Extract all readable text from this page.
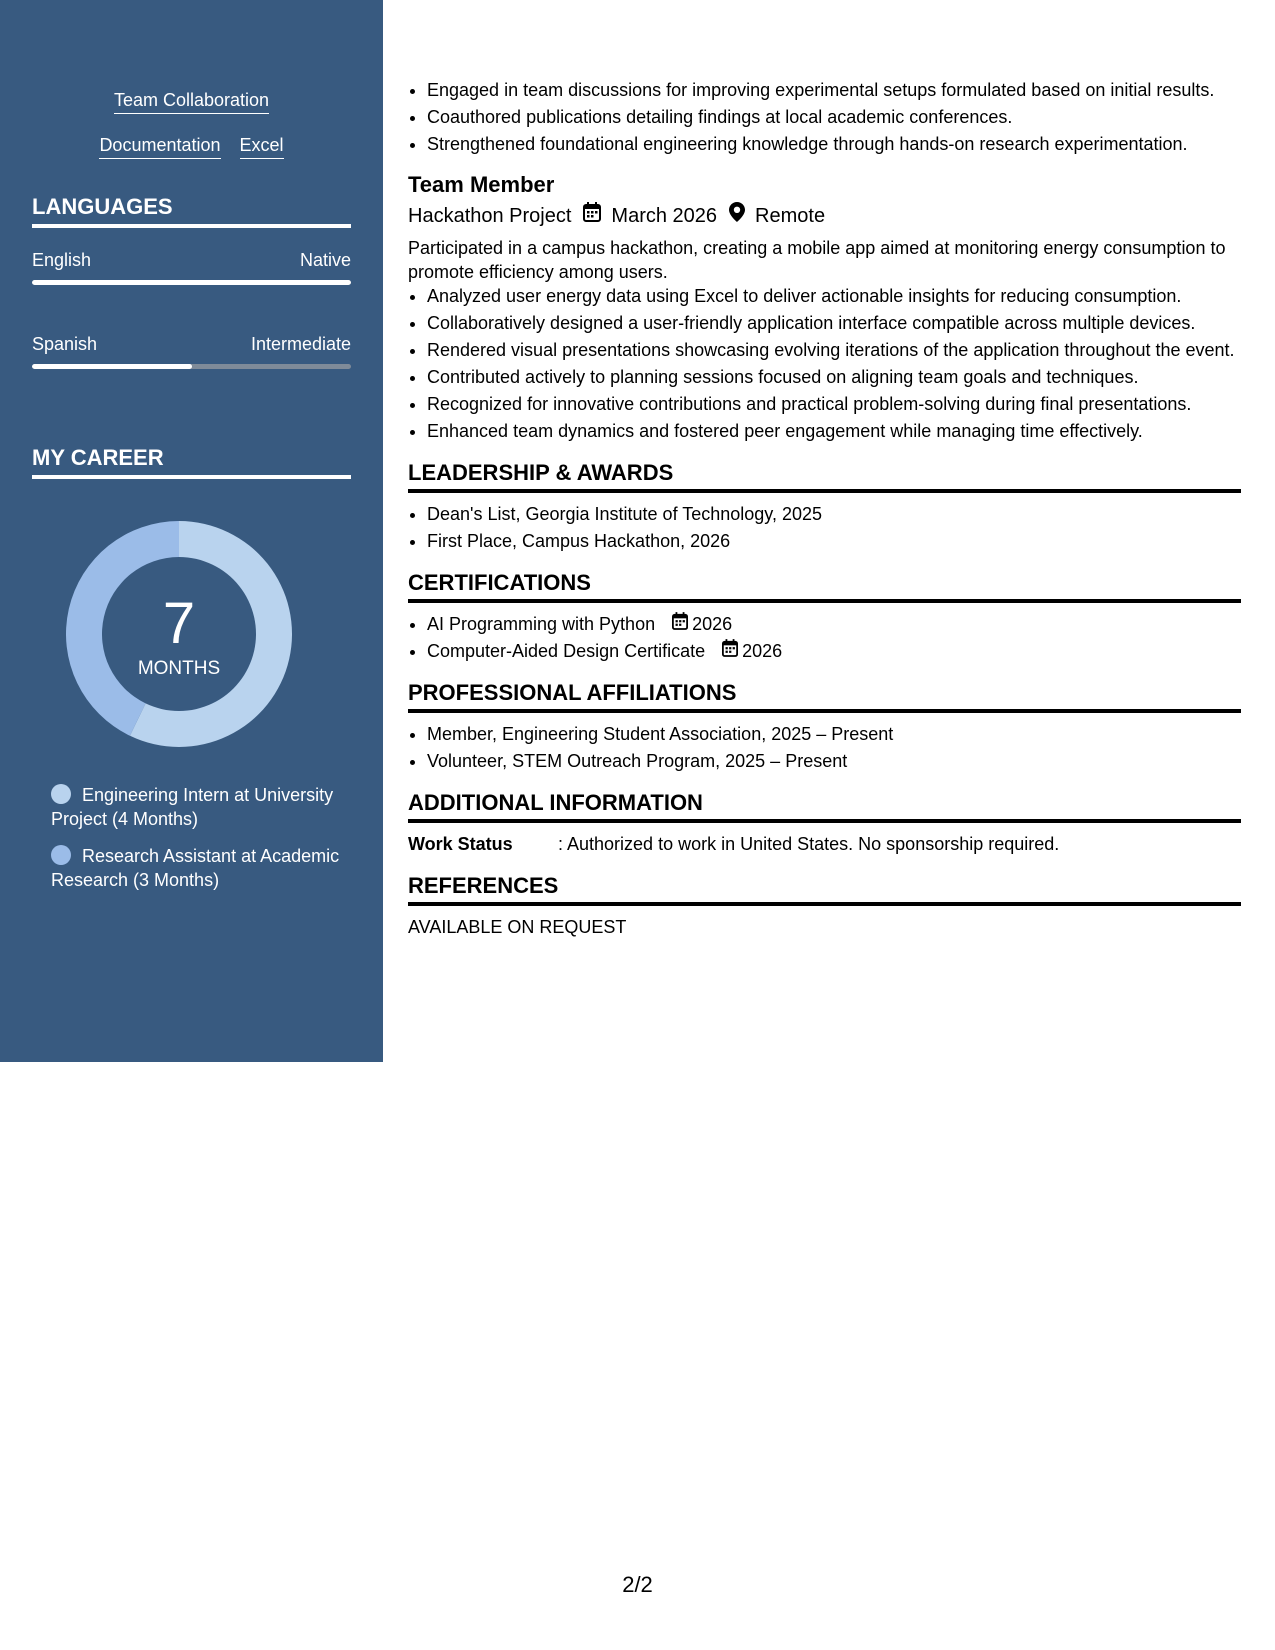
Team Collaboration
Documentation Excel
LANGUAGES
English	Native
Spanish	Intermediate
MY CAREER
7
MONTHS
Engineering Intern at University Project (4 Months)
Research Assistant at Academic Research (3 Months)
• Engaged in team discussions for improving experimental setups formulated based on initial results.
• Coauthored publications detailing findings at local academic conferences.
• Strengthened foundational engineering knowledge through hands-on research experimentation.
Team Member
Hackathon Project March 2026 Remote
Participated in a campus hackathon, creating a mobile app aimed at monitoring energy consumption to promote efficiency among users.
• Analyzed user energy data using Excel to deliver actionable insights for reducing consumption.
• Collaboratively designed a user-friendly application interface compatible across multiple devices.
• Rendered visual presentations showcasing evolving iterations of the application throughout the event.
• Contributed actively to planning sessions focused on aligning team goals and techniques.
• Recognized for innovative contributions and practical problem-solving during final presentations.
• Enhanced team dynamics and fostered peer engagement while managing time effectively.
LEADERSHIP & AWARDS
• Dean's List, Georgia Institute of Technology, 2025
• First Place, Campus Hackathon, 2026
CERTIFICATIONS
• AI Programming with Python 2026
• Computer-Aided Design Certificate 2026
PROFESSIONAL AFFILIATIONS
• Member, Engineering Student Association, 2025 – Present
• Volunteer, STEM Outreach Program, 2025 – Present
ADDITIONAL INFORMATION
Work Status	: Authorized to work in United States. No sponsorship required.
REFERENCES
AVAILABLE ON REQUEST
2/2
